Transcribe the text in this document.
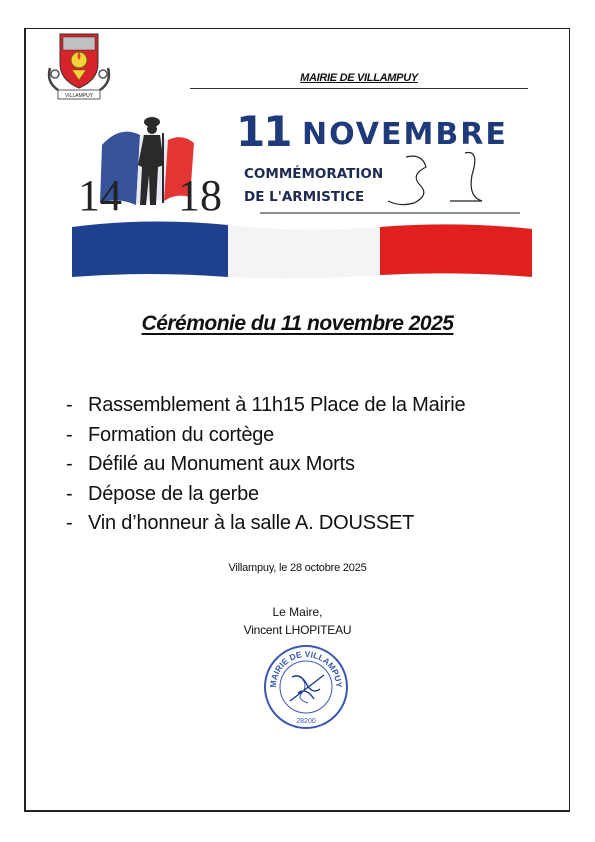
VILLAMPUY
MAIRIE DE VILLAMPUY
11 NOVEMBRE
COMMÉMORATION
DE L'ARMISTICE
14 18
Cérémonie du 11 novembre 2025
- Rassemblement à 11h15 Place de la Mairie
- Formation du cortège
- Défilé au Monument aux Morts
- Dépose de la gerbe
- Vin d’honneur à la salle A. DOUSSET
Villampuy, le 28 octobre 2025
Le Maire,
Vincent LHOPITEAU
MAIRIE DE VILLAMPUY
28200
